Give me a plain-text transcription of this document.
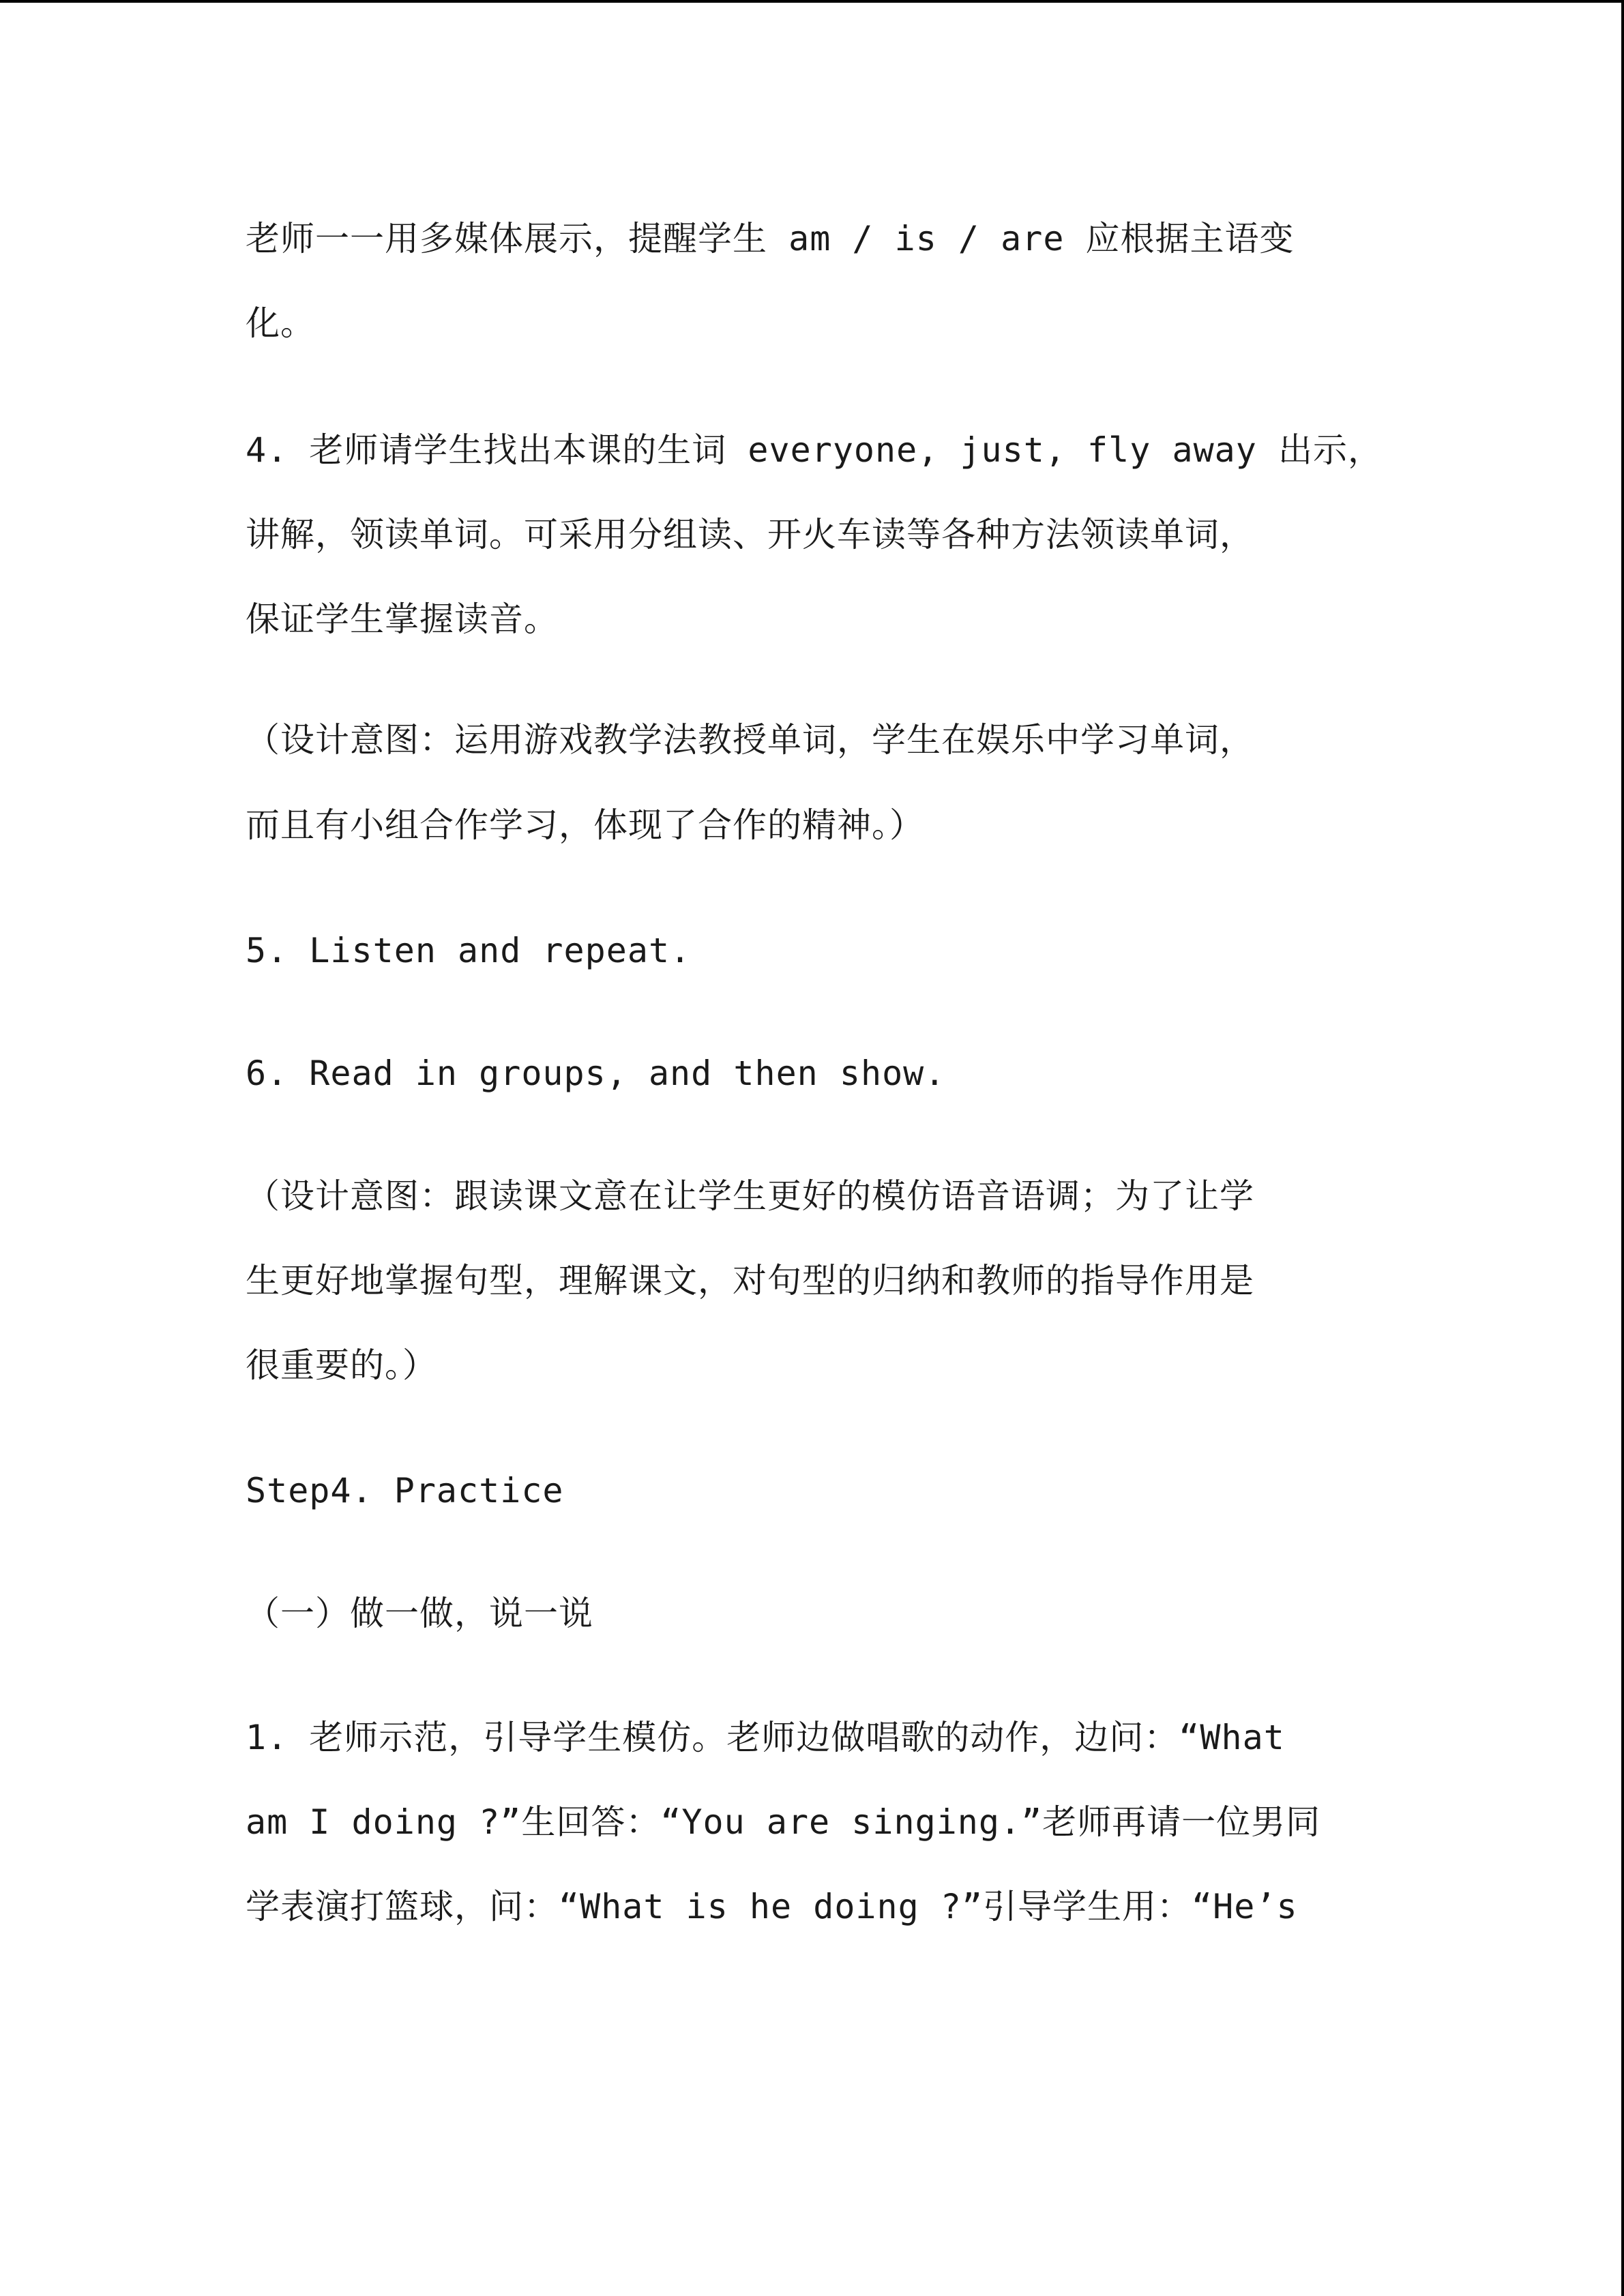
老师一一用多媒体展示，提醒学生 am / is / are 应根据主语变
化。
4. 老师请学生找出本课的生词 everyone, just, fly away 出示，
讲解，领读单词。可采用分组读、开火车读等各种方法领读单词，
保证学生掌握读音。
（设计意图：运用游戏教学法教授单词，学生在娱乐中学习单词，
而且有小组合作学习，体现了合作的精神。）
5. Listen and repeat.
6. Read in groups, and then show.
（设计意图：跟读课文意在让学生更好的模仿语音语调；为了让学
生更好地掌握句型，理解课文，对句型的归纳和教师的指导作用是
很重要的。）
Step4. Practice
（一）做一做，说一说
1. 老师示范，引导学生模仿。老师边做唱歌的动作，边问：“What
am I doing ?”生回答：“You are singing.”老师再请一位男同
学表演打篮球，问：“What is he doing ?”引导学生用：“He’s
